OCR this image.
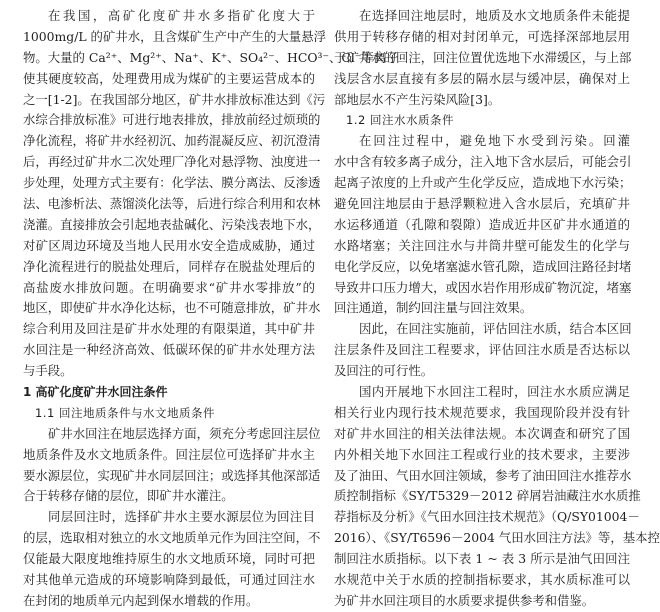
在我国，高矿化度矿井水多指矿化度大于
1000mg/L 的矿井水，且含煤矿生产中产生的大量悬浮
物。大量的 Ca²⁺、Mg²⁺、Na⁺、K⁺、SO₄²⁻、HCO³⁻、Cl⁻等离子
使其硬度较高，处理费用成为煤矿的主要运营成本的
之一[1-2]。在我国部分地区，矿井水排放标准达到《污
水综合排放标准》可进行地表排放，排放前经过烦琐的
净化流程，将矿井水经初沉、加药混凝反应、初沉澄清
后，再经过矿井水二次处理厂净化对悬浮物、浊度进一
步处理，处理方式主要有：化学法、膜分离法、反渗透
法、电渗析法、蒸馏淡化法等，后进行综合利用和农林
浇灌。直接排放会引起地表盐碱化、污染浅表地下水，
对矿区周边环境及当地人民用水安全造成威胁，通过
净化流程进行的脱盐处理后，同样存在脱盐处理后的
高盐废水排放问题。在明确要求“矿井水零排放”的
地区，即使矿井水净化达标，也不可随意排放，矿井水
综合利用及回注是矿井水处理的有限渠道，其中矿井
水回注是一种经济高效、低碳环保的矿井水处理方法
与手段。
1 高矿化度矿井水回注条件
1.1 回注地质条件与水文地质条件
矿井水回注在地层选择方面，须充分考虑回注层位
地质条件及水文地质条件。回注层位可选择矿井水主
要水源层位，实现矿井水同层回注；或选择其他深部适
合于转移存储的层位，即矿井水灌注。
同层回注时，选择矿井水主要水源层位为回注目
的层，选取相对独立的水文地质单元作为回注空间，不
仅能最大限度地维持原生的水文地质环境，同时可把
对其他单元造成的环境影响降到最低，可通过回注水
在封闭的地质单元内起到保水增载的作用。
在选择回注地层时，地质及水文地质条件未能提
供用于转移存储的相对封闭单元，可选择深部地层用
于矿井水的回注，回注位置优选地下水滞缓区，与上部
浅层含水层直接有多层的隔水层与缓冲层，确保对上
部地层水不产生污染风险[3]。
1.2 回注水水质条件
在回注过程中，避免地下水受到污染。回灌
水中含有较多离子成分，注入地下含水层后，可能会引
起离子浓度的上升或产生化学反应，造成地下水污染；
避免回注地层由于悬浮颗粒进入含水层后，充填矿井
水运移通道（孔隙和裂隙）造成近井区矿井水通道的
水路堵塞；关注回注水与井筒井壁可能发生的化学与
电化学反应，以免堵塞滤水管孔隙，造成回注路径封堵
导致井口压力增大，或因水岩作用形成矿物沉淀，堵塞
回注通道，制约回注量与回注效果。
因此，在回注实施前，评估回注水质，结合本区回
注层条件及回注工程要求，评估回注水质是否达标以
及回注的可行性。
国内开展地下水回注工程时，回注水水质应满足
相关行业内现行技术规范要求，我国现阶段并没有针
对矿井水回注的相关法律法规。本次调查和研究了国
内外相关地下水回注工程或行业的技术要求，主要涉
及了油田、气田水回注领域，参考了油田回注水推荐水
质控制指标《SY/T5329－2012 碎屑岩油藏注水水质推
荐指标及分析》《气田水回注技术规范》（Q/SY01004－
2016）、《SY/T6596－2004 气田水回注方法》等，基本控
制回注水质指标。以下表 1 ~ 表 3 所示是油气田回注
水规范中关于水质的控制指标要求，其水质标准可以
为矿井水回注项目的水质要求提供参考和借鉴。
